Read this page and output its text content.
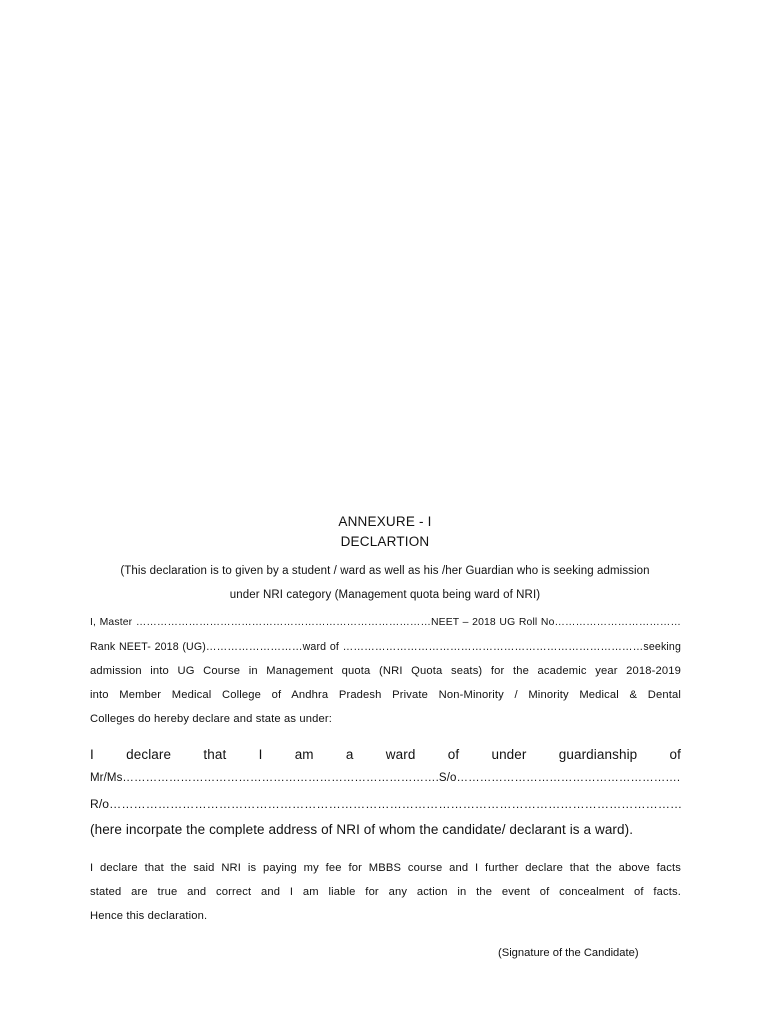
ANNEXURE - I
DECLARTION
(This declaration is to given by a student / ward as well as his /her Guardian who is seeking admission
under NRI category (Management quota being ward of NRI)
I, Master …………………………………………………………………………NEET – 2018 UG Roll No………………………………
Rank NEET- 2018 (UG)………………………ward of …………………………………………………………………………seeking
admission into UG Course in Management quota (NRI Quota seats) for the academic year 2018-2019
into Member Medical College of Andhra Pradesh Private Non-Minority / Minority Medical & Dental
Colleges do hereby declare and state as under:
I declare that I am a ward of under guardianship of
Mr/Ms……………………………………………………………………….S/o………………………………………………….
R/o……………………………………………………………………………………………………………………………
(here incorpate the complete address of NRI of whom the candidate/ declarant is a ward).
I declare that the said NRI is paying my fee for MBBS course and I further declare that the above facts
stated are true and correct and I am liable for any action in the event of concealment of facts.
Hence this declaration.
(Signature of the Candidate)
